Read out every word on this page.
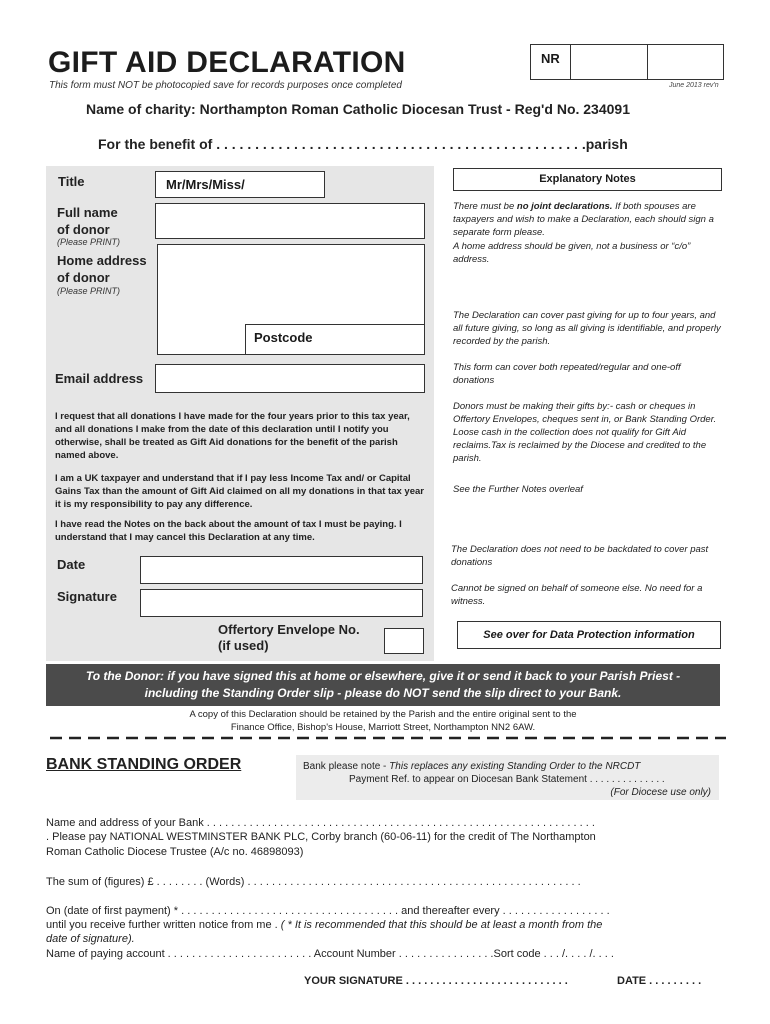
GIFT AID DECLARATION
This form must NOT be photocopied save for records purposes once completed
NR
June 2013 rev'n
Name of charity: Northampton Roman Catholic Diocesan Trust - Reg'd No. 234091
For the benefit of . . . . . . . . . . . . . . . . . . . . . . . . . . . . . . . . . . . . . . . . . . . . . . . .parish
Title	Mr/Mrs/Miss/
Full name
of donor
(Please PRINT)
Home address
of donor
(Please PRINT)
Postcode
Email address
I request that all donations I have made for the four years prior to this tax year, and all donations I make from the date of this declaration until I notify you otherwise, shall be treated as Gift Aid donations for the benefit of the parish named above.
I am a UK taxpayer and understand that if I pay less Income Tax and/ or Capital Gains Tax than the amount of Gift Aid claimed on all my donations in that tax year it is my responsibility to pay any difference.
I have read the Notes on the back about the amount of tax I must be paying. I understand that I may cancel this Declaration at any time.
Date
Signature
Offertory Envelope No.
(if used)
Explanatory Notes
There must be no joint declarations. If both spouses are taxpayers and wish to make a Declaration, each should sign a separate form please.
A home address should be given, not a business or “c/o” address.
The Declaration can cover past giving for up to four years, and all future giving, so long as all giving is identifiable, and properly recorded by the parish.
This form can cover both repeated/regular and one-off donations
Donors must be making their gifts by:- cash or cheques in Offertory Envelopes, cheques sent in, or Bank Standing Order. Loose cash in the collection does not qualify for Gift Aid reclaims.Tax is reclaimed by the Diocese and credited to the parish.
See the Further Notes overleaf
The Declaration does not need to be backdated to cover past donations
Cannot be signed on behalf of someone else. No need for a witness.
See over for Data Protection information
To the Donor: if you have signed this at home or elsewhere, give it or send it back to your Parish Priest -
including the Standing Order slip - please do NOT send the slip direct to your Bank.
A copy of this Declaration should be retained by the Parish and the entire original sent to the
Finance Office, Bishop's House, Marriott Street, Northampton NN2 6AW.
BANK STANDING ORDER	Bank please note - This replaces any existing Standing Order to the NRCDT
Payment Ref. to appear on Diocesan Bank Statement . . . . . . . . . . . . . .
(For Diocese use only)
Name and address of your Bank . . . . . . . . . . . . . . . . . . . . . . . . . . . . . . . . . . . . . . . . . . . . . . . . . . . . . . . . . . . . . . . .
. Please pay NATIONAL WESTMINSTER BANK PLC, Corby branch (60-06-11) for the credit of The Northampton
Roman Catholic Diocese Trustee (A/c no. 46898093)
The sum of (figures) £ . . . . . . . . (Words) . . . . . . . . . . . . . . . . . . . . . . . . . . . . . . . . . . . . . . . . . . . . . . . . . . . . . . .
On (date of first payment) * . . . . . . . . . . . . . . . . . . . . . . . . . . . . . . . . . . . . and thereafter every . . . . . . . . . . . . . . . . . .
until you receive further written notice from me . ( * It is recommended that this should be at least a month from the
date of signature).
Name of paying account . . . . . . . . . . . . . . . . . . . . . . . . Account Number . . . . . . . . . . . . . . . .Sort code . . . /. . . . /. . . .
YOUR SIGNATURE . . . . . . . . . . . . . . . . . . . . . . . . . . .	DATE . . . . . . . . .
